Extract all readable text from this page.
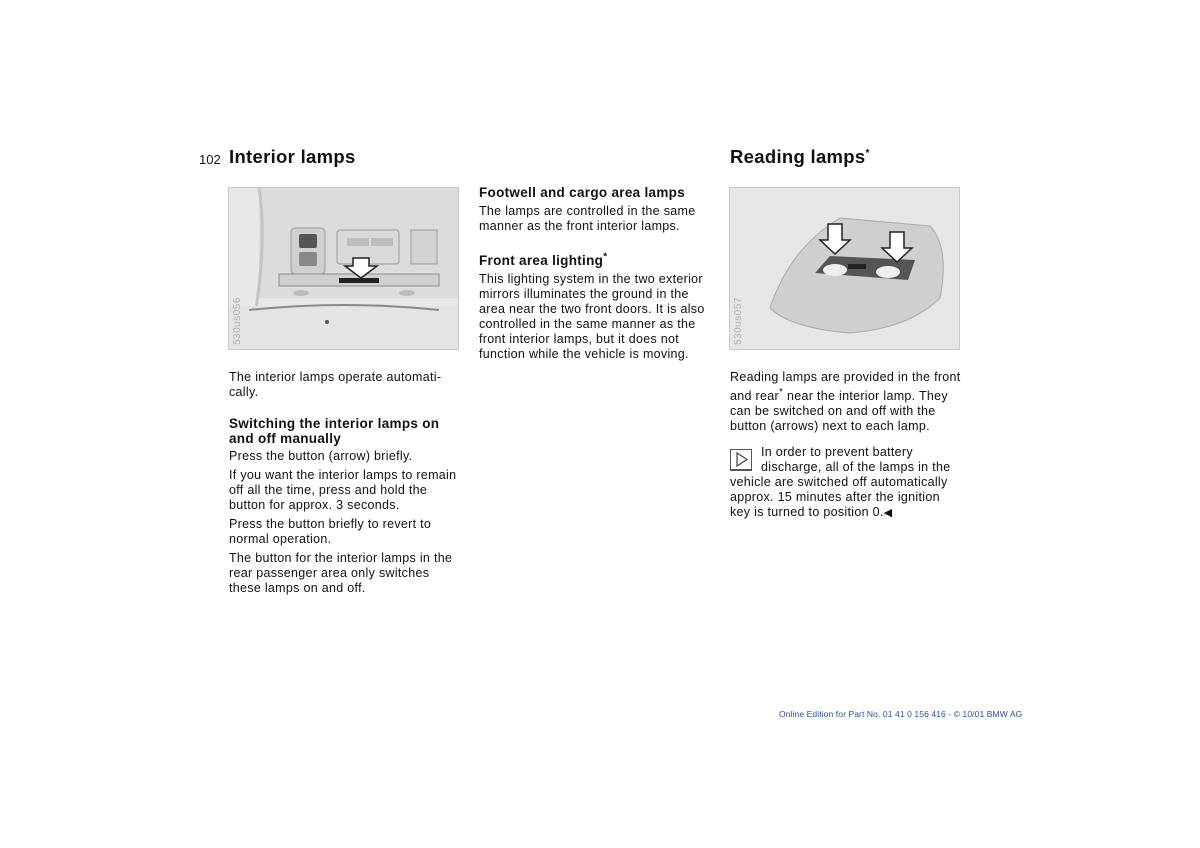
102 Interior lamps	Reading lamps*
530us056	530us057

The interior lamps operate automati-

cally.

Switching the interior lamps on
and off manually

Press the button (arrow) briefly.

If you want the interior lamps to remain

off all the time, press and hold the

button for approx. 3 seconds.

Press the button briefly to revert to

normal operation.

The button for the interior lamps in the

rear passenger area only switches

these lamps on and off.

Footwell and cargo area lamps

The lamps are controlled in the same

manner as the front interior lamps.

Front area lighting*

This lighting system in the two exterior

mirrors illuminates the ground in the

area near the two front doors. It is also

controlled in the same manner as the

front interior lamps, but it does not

function while the vehicle is moving.

Reading lamps are provided in the front

and rear* near the interior lamp. They

can be switched on and off with the

button (arrows) next to each lamp.

In order to prevent battery

discharge, all of the lamps in the

vehicle are switched off automatically

approx. 15 minutes after the ignition

key is turned to position 0.◀

Online Edition for Part No. 01 41 0 156 416 - © 10/01 BMW AG
